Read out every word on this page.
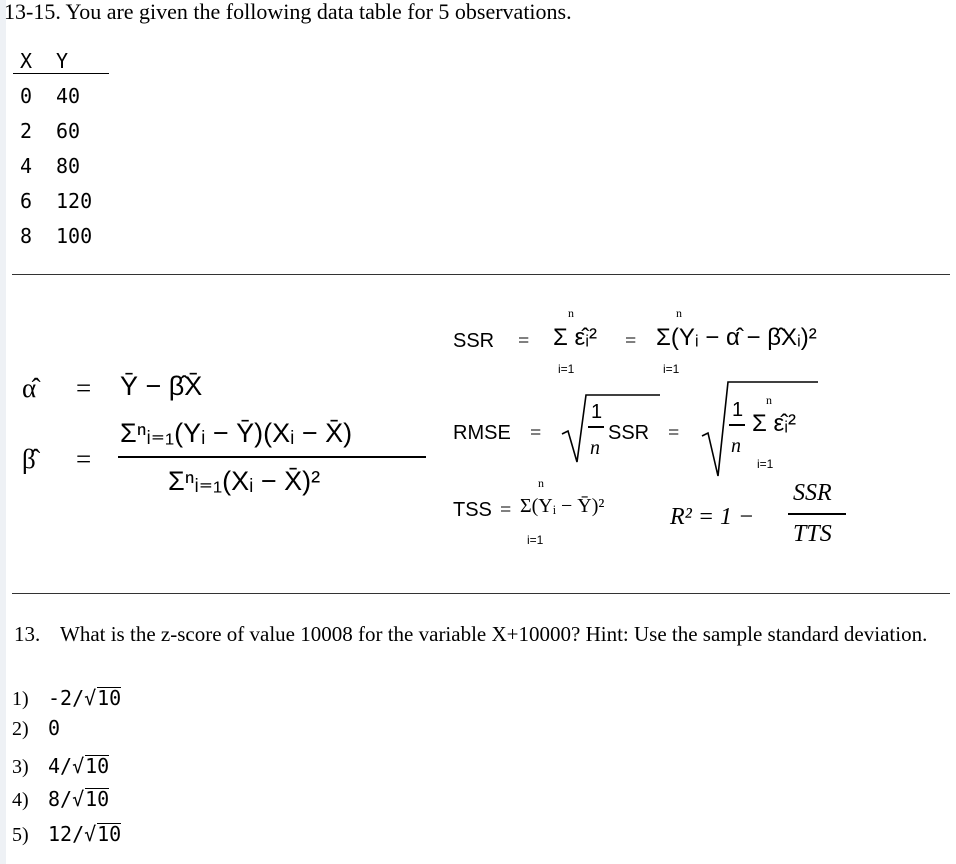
13-15. You are given the following data table for 5 observations.
X Y
0 40
2 60
4 80
6 120
8 100
α̂ = Ȳ − β̂X̄
β̂ =
Σⁿᵢ₌₁(Yᵢ − Ȳ)(Xᵢ − X̄)
Σⁿᵢ₌₁(Xᵢ − X̄)²
SSR =
n
Σ ε̂ᵢ²
i=1
=
n
Σ(Yᵢ − α̂ − β̂Xᵢ)²
i=1
RMSE =
1
n
SSR =
1
n
n
Σ ε̂ᵢ²
i=1
TSS =
n
Σ(Yᵢ − Ȳ)²
i=1
R² = 1 −
SSR
TTS
13. What is the z-score of value 10008 for the variable X+10000? Hint: Use the sample standard deviation.
1) -2/ √ 10
2) 0
3) 4/ √ 10
4) 8/ √ 10
5) 12/ √ 10
